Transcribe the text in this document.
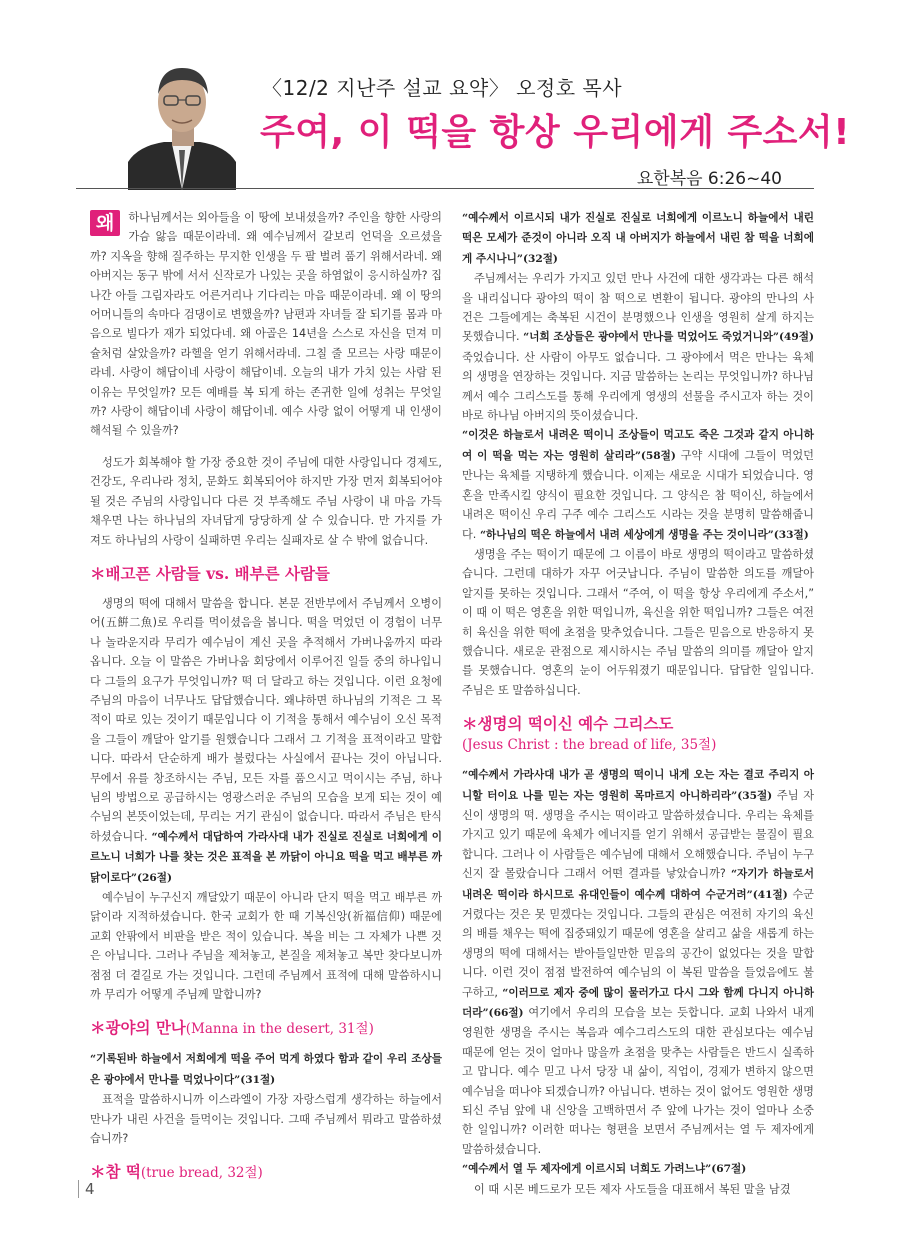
〈12/2 지난주 설교 요약〉 오정호 목사
주여, 이 떡을 항상 우리에게 주소서!
요한복음 6:26~40

왜	하나님께서는 외아들을 이 땅에 보내셨을까? 주인을 향한 사랑의 가슴 앓음 때문이라네. 왜 예수님께서 갈보리 언덕을 오르셨을까? 지옥을 향해 질주하는 무지한 인생을 두 팔 벌려 품기 위해서라네. 왜 아버지는 동구 밖에 서서 신작로가 나있는 곳을 하염없이 응시하실까? 집 나간 아들 그림자라도 어른거리나 기다리는 마음 때문이라네. 왜 이 땅의 어머니들의 속마다 검댕이로 변했을까? 남편과 자녀들 잘 되기를 몸과 마음으로 빌다가 재가 되었다네. 왜 아골은 14년을 스스로 자신을 던져 미슐처럼 살았을까? 라헬을 얻기 위해서라네. 그칠 줄 모르는 사랑 때문이라네. 사랑이 해답이네 사랑이 해답이네. 오늘의 내가 가치 있는 사람 된 이유는 무엇일까? 모든 예배를 복 되게 하는 존귀한 일에 성취는 무엇일까? 사랑이 해답이네 사랑이 해답이네. 예수 사랑 없이 어떻게 내 인생이 해석될 수 있을까?

성도가 회복해야 할 가장 중요한 것이 주님에 대한 사랑입니다 경제도, 건강도, 우리나라 정치, 문화도 회복되어야 하지만 가장 먼저 회복되어야 될 것은 주님의 사랑입니다 다른 것 부족해도 주님 사랑이 내 마음 가득 채우면 나는 하나님의 자녀답게 당당하게 살 수 있습니다. 만 가지를 가져도 하나님의 사랑이 실패하면 우리는 실패자로 살 수 밖에 없습니다.

＊배고픈 사람들 vs. 배부른 사람들

생명의 떡에 대해서 말씀을 합니다. 본문 전반부에서 주님께서 오병이어(五餠二魚)로 우리를 먹이셨음을 봅니다. 떡을 먹었던 이 경험이 너무나 놀라운지라 무리가 예수님이 계신 곳을 추적해서 가버나움까지 따라옵니다. 오늘 이 말씀은 가버나움 회당에서 이루어진 일들 중의 하나입니다 그들의 요구가 무엇입니까? 떡 더 달라고 하는 것입니다. 이런 요청에 주님의 마음이 너무나도 답답했습니다. 왜냐하면 하나님의 기적은 그 목적이 따로 있는 것이기 때문입니다 이 기적을 통해서 예수님이 오신 목적을 그들이 깨달아 알기를 원했습니다 그래서 그 기적을 표적이라고 말합니다. 따라서 단순하게 배가 불렀다는 사실에서 끝나는 것이 아닙니다. 무에서 유를 창조하시는 주님, 모든 자를 품으시고 먹이시는 주님, 하나님의 방법으로 공급하시는 영광스러운 주님의 모습을 보게 되는 것이 예수님의 본뜻이었는데, 무리는 거기 관심이 없습니다. 따라서 주님은 탄식하셨습니다. “예수께서 대답하여 가라사대 내가 진실로 진실로 너희에게 이르노니 너희가 나를 찾는 것은 표적을 본 까닭이 아니요 떡을 먹고 배부른 까닭이로다”(26절)

예수님이 누구신지 깨달았기 때문이 아니라 단지 떡을 먹고 배부른 까닭이라 지적하셨습니다. 한국 교회가 한 때 기복신앙(祈福信仰) 때문에 교회 안팎에서 비판을 받은 적이 있습니다. 복을 비는 그 자체가 나쁜 것은 아닙니다. 그러나 주님을 제쳐놓고, 본질을 제쳐놓고 복만 찾다보니까 점점 더 곁길로 가는 것입니다. 그런데 주님께서 표적에 대해 말씀하시니까 무리가 어떻게 주님께 말합니까?

＊광야의 만나(Manna in the desert, 31절)

“기록된바 하늘에서 저희에게 떡을 주어 먹게 하였다 함과 같이 우리 조상들은 광야에서 만나를 먹었나이다”(31절)

표적을 말씀하시니까 이스라엘이 가장 자랑스럽게 생각하는 하늘에서 만나가 내린 사건을 들먹이는 것입니다. 그때 주님께서 뭐라고 말씀하셨습니까?

＊참 떡(true bread, 32절)

“예수께서 이르시되 내가 진실로 진실로 너희에게 이르노니 하늘에서 내린 떡은 모세가 준것이 아니라 오직 내 아버지가 하늘에서 내린 참 떡을 너희에게 주시나니”(32절)

주님께서는 우리가 가지고 있던 만나 사건에 대한 생각과는 다른 해석을 내리십니다 광야의 떡이 참 떡으로 변환이 됩니다. 광야의 만나의 사건은 그들에게는 축복된 시건이 분명했으나 인생을 영원히 살게 하지는 못했습니다. “너희 조상들은 광야에서 만나를 먹었어도 죽었거니와”(49절) 죽었습니다. 산 사람이 아무도 없습니다. 그 광야에서 먹은 만나는 육체의 생명을 연장하는 것입니다. 지금 말씀하는 논리는 무엇입니까? 하나님께서 예수 그리스도를 통해 우리에게 영생의 선물을 주시고자 하는 것이 바로 하나님 아버지의 뜻이셨습니다.

“이것은 하늘로서 내려온 떡이니 조상들이 먹고도 죽은 그것과 같지 아니하여 이 떡을 먹는 자는 영원히 살리라”(58절) 구약 시대에 그들이 먹었던 만나는 육체를 지탱하게 했습니다. 이제는 새로운 시대가 되었습니다. 영혼을 만족시킬 양식이 필요한 것입니다. 그 양식은 참 떡이신, 하늘에서 내려온 떡이신 우리 구주 예수 그리스도 시라는 것을 분명히 말씀해줍니다. “하나님의 떡은 하늘에서 내려 세상에게 생명을 주는 것이니라”(33절)

생명을 주는 떡이기 때문에 그 이름이 바로 생명의 떡이라고 말씀하셨습니다. 그런데 대하가 자꾸 어긋납니다. 주님이 말씀한 의도를 깨달아 알지를 못하는 것입니다. 그래서 “주여, 이 떡을 항상 우리에게 주소서,” 이 때 이 떡은 영혼을 위한 떡입니까, 육신을 위한 떡입니까? 그들은 여전히 육신을 위한 떡에 초점을 맞추었습니다. 그들은 믿음으로 반응하지 못했습니다. 새로운 관점으로 제시하시는 주님 말씀의 의미를 깨달아 알지를 못했습니다. 영혼의 눈이 어두워졌기 때문입니다. 답답한 일입니다. 주님은 또 말씀하십니다.

＊생명의 떡이신 예수 그리스도
(Jesus Christ : the bread of life, 35절)

“예수께서 가라사대 내가 곧 생명의 떡이니 내게 오는 자는 결코 주리지 아니할 터이요 나를 믿는 자는 영원히 목마르지 아니하리라”(35절) 주님 자신이 생명의 떡. 생명을 주시는 떡이라고 말씀하셨습니다. 우리는 육체를 가지고 있기 때문에 육체가 에너지를 얻기 위해서 공급받는 물질이 필요합니다. 그러나 이 사람들은 예수님에 대해서 오해했습니다. 주님이 누구신지 잘 몰랐습니다 그래서 어떤 결과를 낳았습니까? “자기가 하늘로서 내려온 떡이라 하시므로 유대인들이 예수께 대하여 수군거려”(41절) 수군거렸다는 것은 못 믿겠다는 것입니다. 그들의 관심은 여전히 자기의 육신의 배를 채우는 떡에 집중돼있기 때문에 영혼을 살리고 삶을 새롭게 하는 생명의 떡에 대해서는 받아들일만한 믿음의 공간이 없었다는 것을 말합니다. 이런 것이 점점 발전하여 예수님의 이 복된 말씀을 들었음에도 불구하고, “이러므로 제자 중에 많이 물러가고 다시 그와 함께 다니지 아니하더라”(66절) 여기에서 우리의 모습을 보는 듯합니다. 교회 나와서 내게 영원한 생명을 주시는 복음과 예수그리스도의 대한 관심보다는 예수님 때문에 얻는 것이 얼마나 많을까 초점을 맞추는 사람들은 반드시 실족하고 맙니다. 예수 믿고 나서 당장 내 삶이, 직업이, 경제가 변하지 않으면 예수님을 떠나야 되겠습니까? 아닙니다. 변하는 것이 없어도 영원한 생명 되신 주님 앞에 내 신앙을 고백하면서 주 앞에 나가는 것이 얼마나 소중한 일입니까? 이러한 떠나는 형편을 보면서 주님께서는 열 두 제자에게 말씀하셨습니다.

“예수께서 열 두 제자에게 이르시되 너희도 가려느냐”(67절)

이 때 시몬 베드로가 모든 제자 사도들을 대표해서 복된 말을 남겼

4
